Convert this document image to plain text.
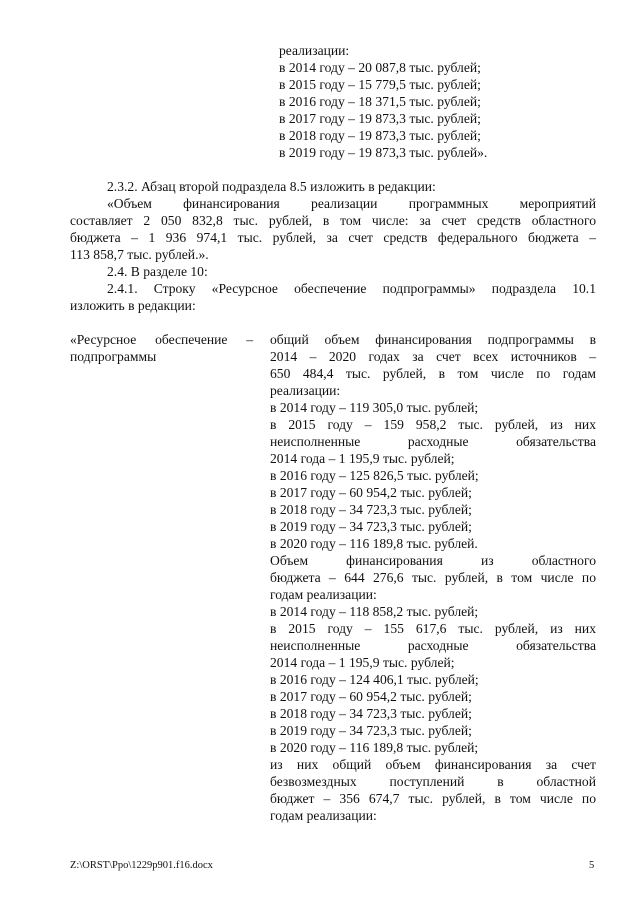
реализации:
в 2014 году – 20 087,8 тыс. рублей;
в 2015 году – 15 779,5 тыс. рублей;
в 2016 году – 18 371,5 тыс. рублей;
в 2017 году – 19 873,3 тыс. рублей;
в 2018 году – 19 873,3 тыс. рублей;
в 2019 году – 19 873,3 тыс. рублей».
2.3.2. Абзац второй подраздела 8.5 изложить в редакции:
«Объем финансирования реализации программных мероприятий
составляет 2 050 832,8 тыс. рублей, в том числе: за счет средств областного
бюджета – 1 936 974,1 тыс. рублей, за счет средств федерального бюджета –
113 858,7 тыс. рублей.».
2.4. В разделе 10:
2.4.1. Строку «Ресурсное обеспечение подпрограммы» подраздела 10.1
изложить в редакции:
«Ресурсное обеспечение –
подпрограммы
общий объем финансирования подпрограммы в
2014 – 2020 годах за счет всех источников –
650 484,4 тыс. рублей, в том числе по годам
реализации:
в 2014 году – 119 305,0 тыс. рублей;
в 2015 году – 159 958,2 тыс. рублей, из них
неисполненные расходные обязательства
2014 года – 1 195,9 тыс. рублей;
в 2016 году – 125 826,5 тыс. рублей;
в 2017 году – 60 954,2 тыс. рублей;
в 2018 году – 34 723,3 тыс. рублей;
в 2019 году – 34 723,3 тыс. рублей;
в 2020 году – 116 189,8 тыс. рублей.
Объем финансирования из областного
бюджета – 644 276,6 тыс. рублей, в том числе по
годам реализации:
в 2014 году – 118 858,2 тыс. рублей;
в 2015 году – 155 617,6 тыс. рублей, из них
неисполненные расходные обязательства
2014 года – 1 195,9 тыс. рублей;
в 2016 году – 124 406,1 тыс. рублей;
в 2017 году – 60 954,2 тыс. рублей;
в 2018 году – 34 723,3 тыс. рублей;
в 2019 году – 34 723,3 тыс. рублей;
в 2020 году – 116 189,8 тыс. рублей;
из них общий объем финансирования за счет
безвозмездных поступлений в областной
бюджет – 356 674,7 тыс. рублей, в том числе по
годам реализации:
Z:\ORST\Ppo\1229p901.f16.docx	5
